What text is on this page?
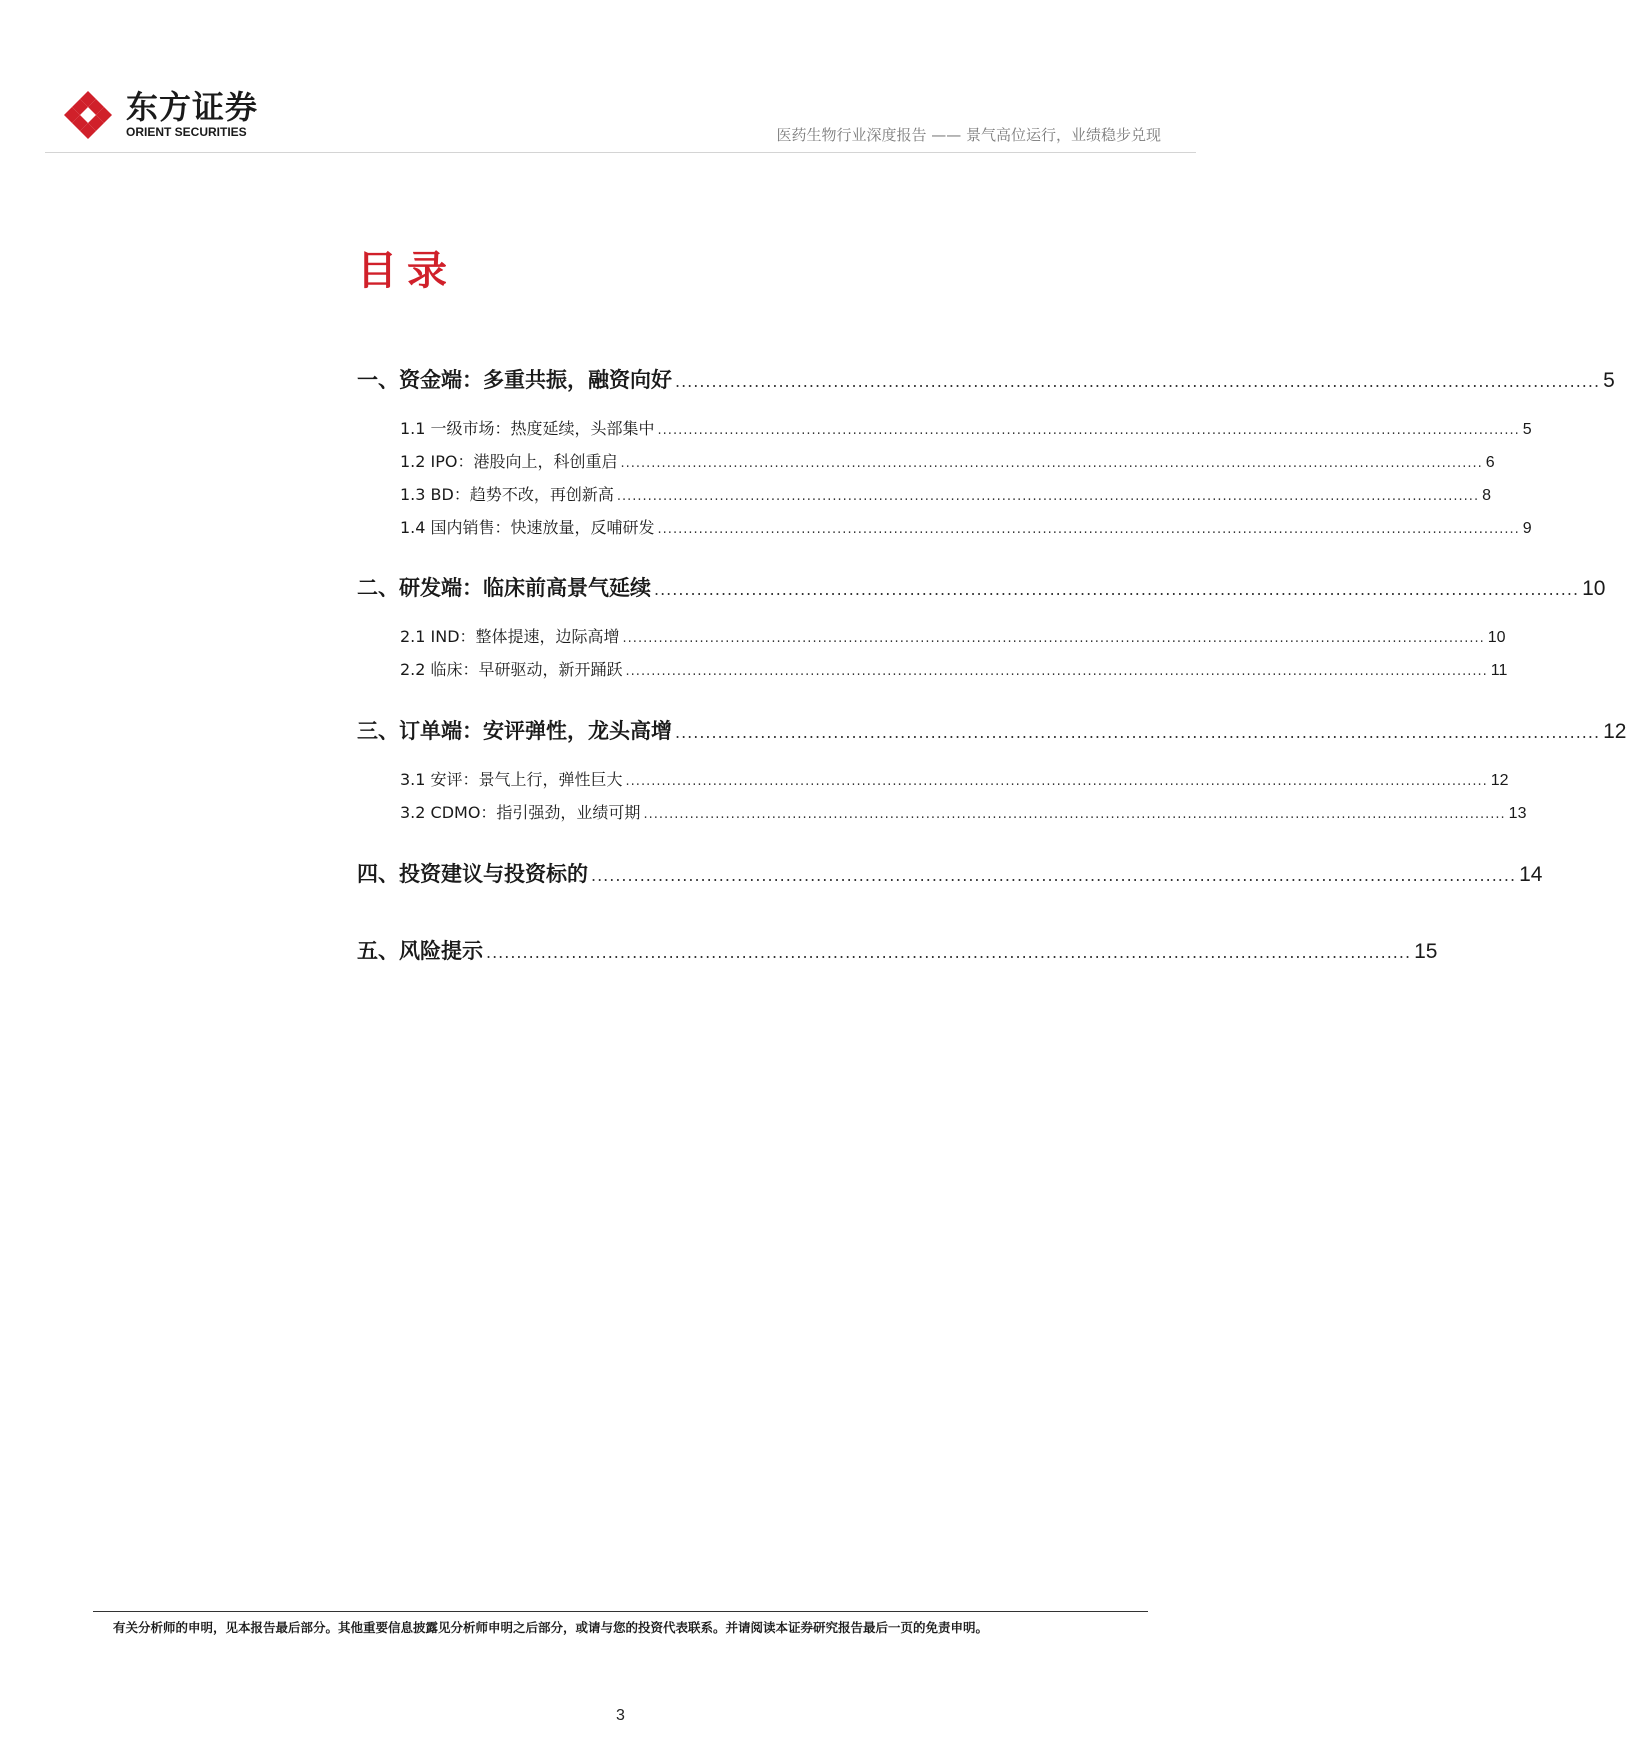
东方证券
ORIENT SECURITIES	医药生物行业深度报告 —— 景气高位运行，业绩稳步兑现
目录
一、资金端：多重共振，融资向好 ........................................................................................................................................................ 5
1.1 一级市场：热度延续，头部集中 ........................................................................................................................................................................ 5
1.2 IPO：港股向上，科创重启 ........................................................................................................................................................................ 6
1.3 BD：趋势不改，再创新高 ........................................................................................................................................................................ 8
1.4 国内销售：快速放量，反哺研发 ........................................................................................................................................................................ 9
二、研发端：临床前高景气延续 ........................................................................................................................................................ 10
2.1 IND：整体提速，边际高增 ........................................................................................................................................................................ 10
2.2 临床：早研驱动，新开踊跃 ........................................................................................................................................................................ 11
三、订单端：安评弹性，龙头高增 ........................................................................................................................................................ 12
3.1 安评：景气上行，弹性巨大 ........................................................................................................................................................................ 12
3.2 CDMO：指引强劲，业绩可期 ........................................................................................................................................................................ 13
四、投资建议与投资标的 ........................................................................................................................................................ 14
五、风险提示 ........................................................................................................................................................ 15
有关分析师的申明，见本报告最后部分。其他重要信息披露见分析师申明之后部分，或请与您的投资代表联系。并请阅读本证券研究报告最后一页的免责申明。
3
